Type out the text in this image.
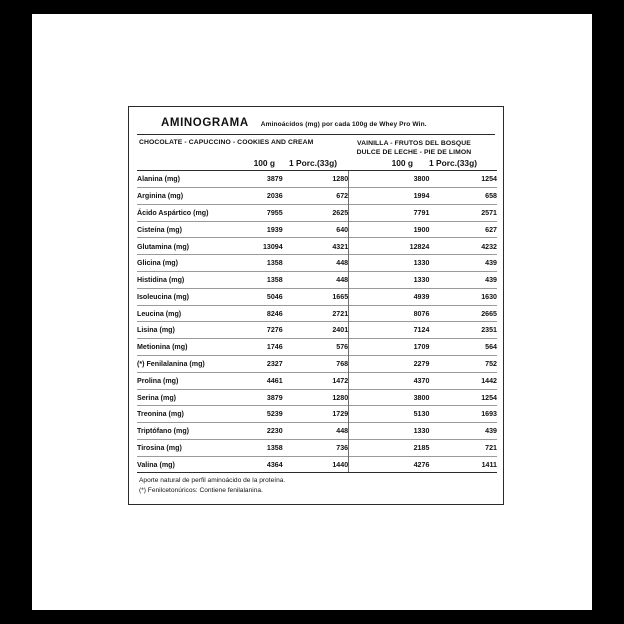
AMINOGRAMA Aminoácidos (mg) por cada 100g de Whey Pro Win.
CHOCOLATE - CAPUCCINO - COOKIES AND CREAM	VAINILLA - FRUTOS DEL BOSQUE
DULCE DE LECHE - PIE DE LIMON
100 g	1 Porc.(33g)	100 g	1 Porc.(33g)
Alanina (mg)	3879	1280		3800	1254
Arginina (mg)	2036	672		1994	658
Ácido Aspártico (mg)	7955	2625		7791	2571
Cisteína (mg)	1939	640		1900	627
Glutamina (mg)	13094	4321		12824	4232
Glicina (mg)	1358	448		1330	439
Histidina (mg)	1358	448		1330	439
Isoleucina (mg)	5046	1665		4939	1630
Leucina (mg)	8246	2721		8076	2665
Lisina (mg)	7276	2401		7124	2351
Metionina (mg)	1746	576		1709	564
(*) Fenilalanina (mg)	2327	768		2279	752
Prolina (mg)	4461	1472		4370	1442
Serina (mg)	3879	1280		3800	1254
Treonina (mg)	5239	1729		5130	1693
Triptófano (mg)	2230	448		1330	439
Tirosina (mg)	1358	736		2185	721
Valina (mg)	4364	1440		4276	1411
Aporte natural de perfil aminoácido de la proteína.
(*) Fenilcetonúricos: Contiene fenilalanina.
